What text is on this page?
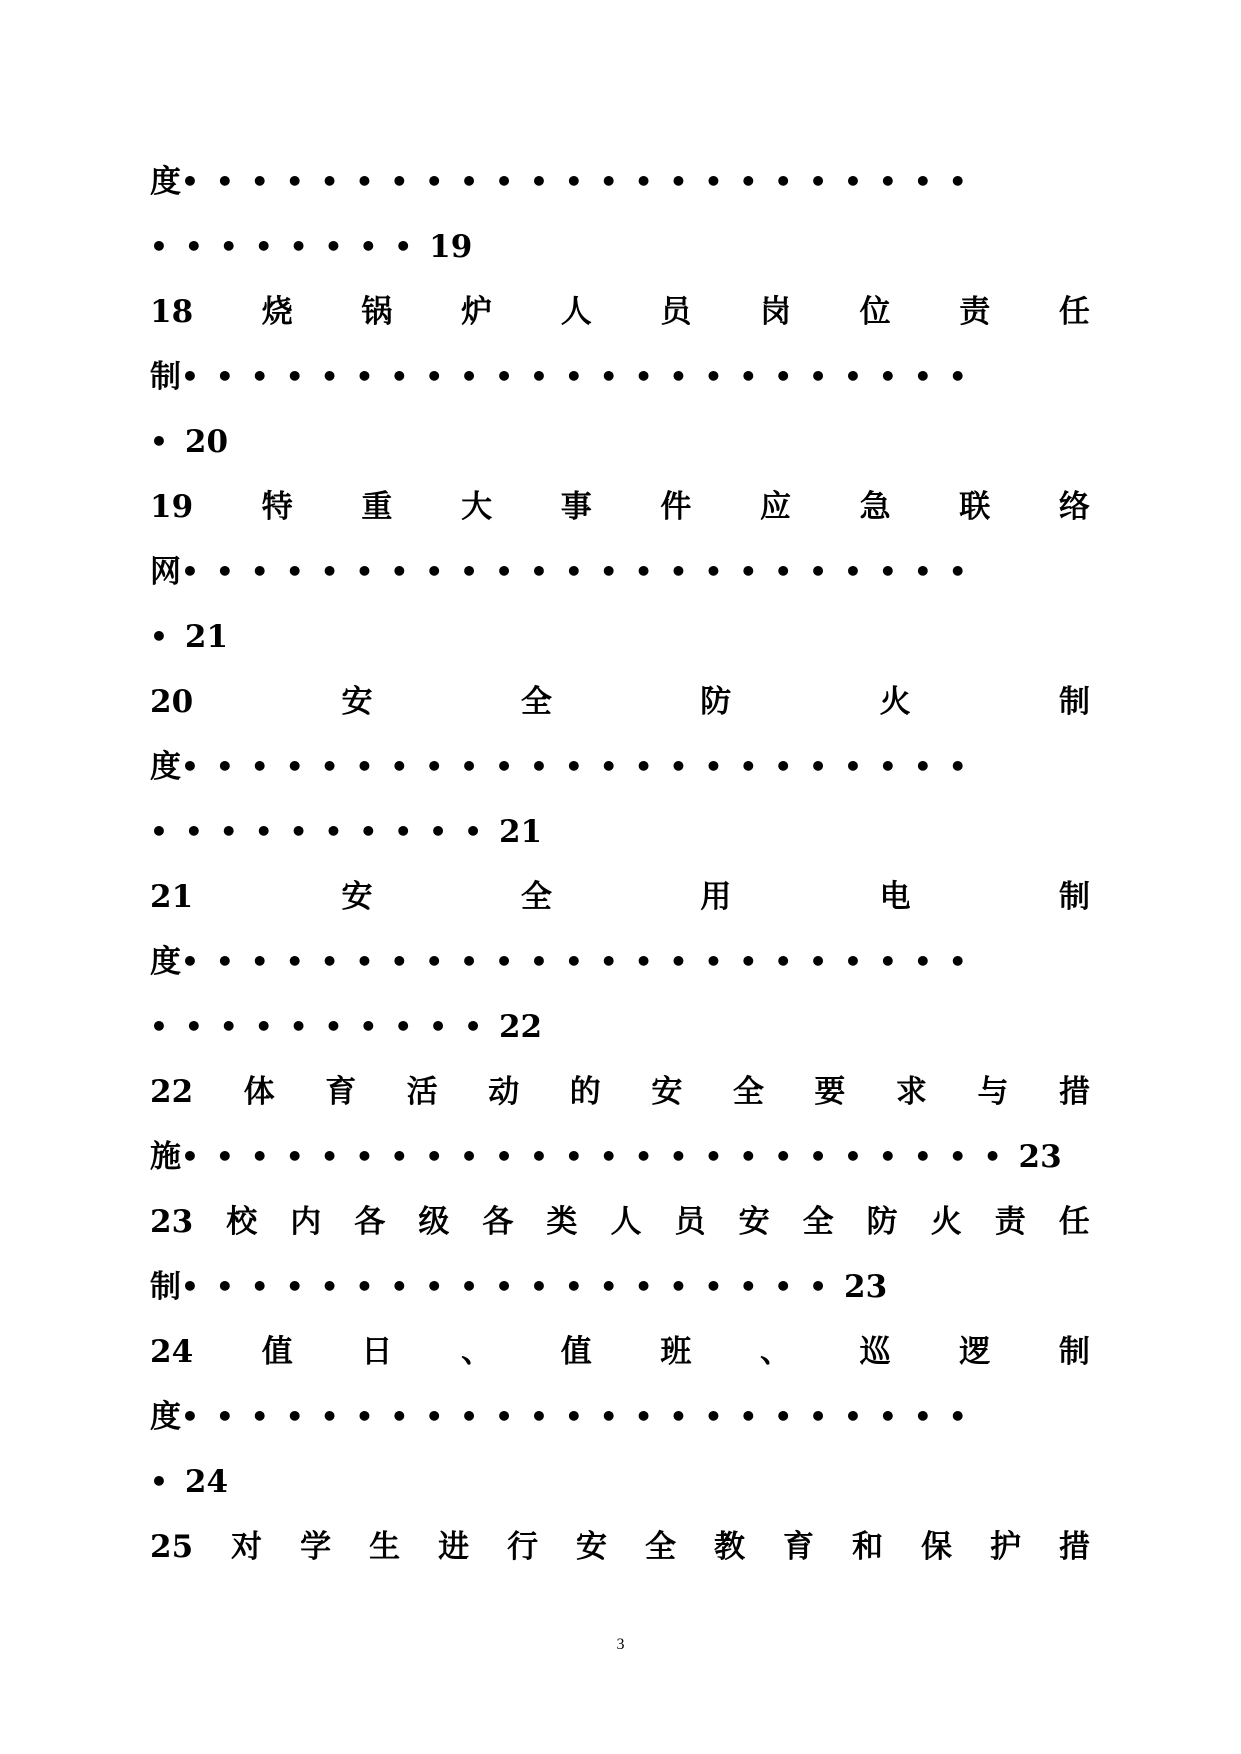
度 •••••••••••••••••••••••
•••••••• 19
18 烧 锅 炉 人 员 岗 位 责 任
制 •••••••••••••••••••••••
• 20
19 特 重 大 事 件 应 急 联 络
网 •••••••••••••••••••••••
• 21
20	安	全	防	火	制
度 •••••••••••••••••••••••
•••••••••• 21
21	安	全	用	电	制
度 •••••••••••••••••••••••
•••••••••• 22
22 体 育 活 动 的 安 全 要 求 与 措
施 •••••••••••••••••••••••• 23
23 校 内 各 级 各 类 人 员 安 全 防 火 责 任
制 ••••••••••••••••••• 23
24 值 日 、 值 班 、 巡 逻 制
度 •••••••••••••••••••••••
• 24
25 对 学 生 进 行 安 全 教 育 和 保 护 措
3
